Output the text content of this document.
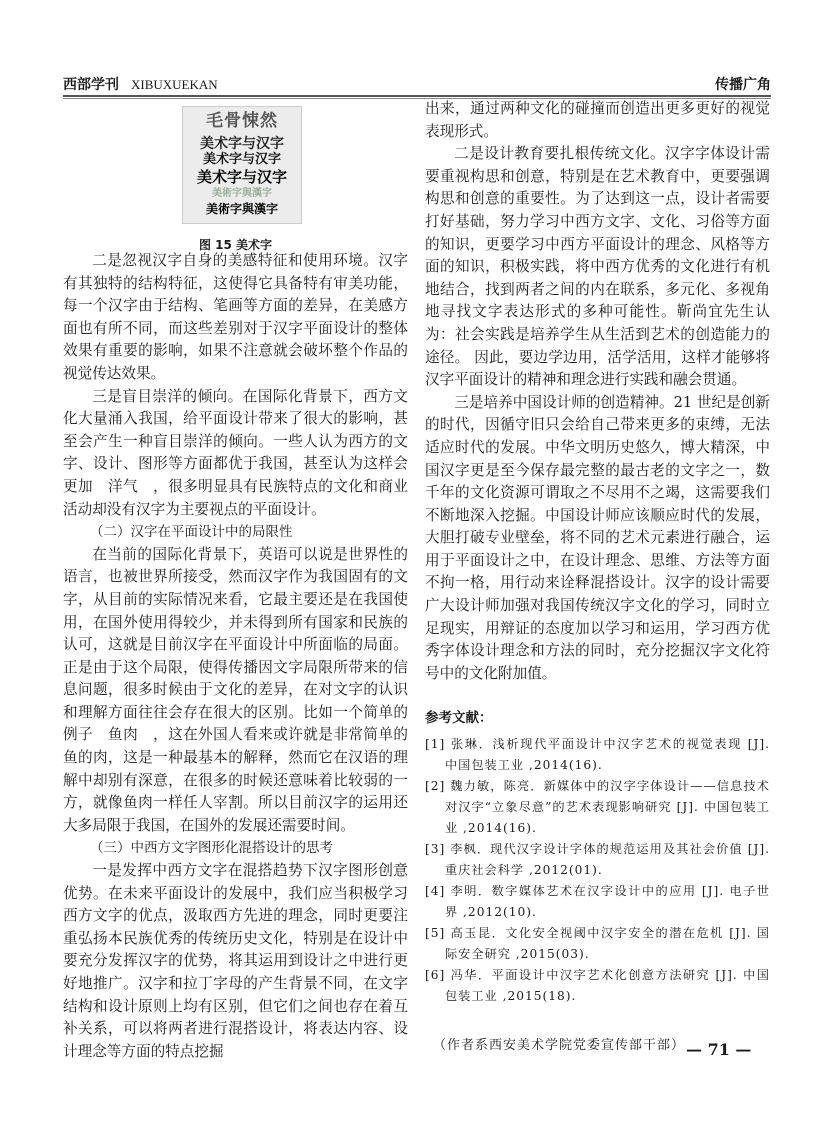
西部学刊 XIBUXUEKAN	传播广角
毛骨悚然
美术字与汉字
美术字与汉字
美术字与汉字
美術字與漢字
美術字與漢字
图 15 美术字

二是忽视汉字自身的美感特征和使用环境。汉字有其独特的结构特征，这使得它具备特有审美功能，每一个汉字由于结构、笔画等方面的差异，在美感方面也有所不同，而这些差别对于汉字平面设计的整体效果有重要的影响，如果不注意就会破坏整个作品的视觉传达效果。

三是盲目崇洋的倾向。在国际化背景下，西方文化大量涌入我国，给平面设计带来了很大的影响，甚至会产生一种盲目崇洋的倾向。一些人认为西方的文字、设计、图形等方面都优于我国，甚至认为这样会更加　洋气　，很多明显具有民族特点的文化和商业活动却没有汉字为主要视点的平面设计。

（二）汉字在平面设计中的局限性

在当前的国际化背景下，英语可以说是世界性的语言，也被世界所接受，然而汉字作为我国固有的文字，从目前的实际情况来看，它最主要还是在我国使用，在国外使用得较少，并未得到所有国家和民族的认可，这就是目前汉字在平面设计中所面临的局面。正是由于这个局限，使得传播因文字局限所带来的信息问题，很多时候由于文化的差异，在对文字的认识和理解方面往往会存在很大的区别。比如一个简单的例子　鱼肉　，这在外国人看来或许就是非常简单的鱼的肉，这是一种最基本的解释，然而它在汉语的理解中却别有深意，在很多的时候还意味着比较弱的一方，就像鱼肉一样任人宰割。所以目前汉字的运用还大多局限于我国，在国外的发展还需要时间。

（三）中西方文字图形化混搭设计的思考

一是发挥中西方文字在混搭趋势下汉字图形创意优势。在未来平面设计的发展中，我们应当积极学习西方文字的优点，汲取西方先进的理念，同时更要注重弘扬本民族优秀的传统历史文化，特别是在设计中要充分发挥汉字的优势，将其运用到设计之中进行更好地推广。汉字和拉丁字母的产生背景不同，在文字结构和设计原则上均有区别，但它们之间也存在着互补关系，可以将两者进行混搭设计，将表达内容、设计理念等方面的特点挖掘

出来，通过两种文化的碰撞而创造出更多更好的视觉表现形式。

二是设计教育要扎根传统文化。汉字字体设计需要重视构思和创意，特别是在艺术教育中，更要强调构思和创意的重要性。为了达到这一点，设计者需要打好基础，努力学习中西方文字、文化、习俗等方面的知识，更要学习中西方平面设计的理念、风格等方面的知识，积极实践，将中西方优秀的文化进行有机地结合，找到两者之间的内在联系，多元化、多视角地寻找文字表达形式的多种可能性。靳尚宜先生认为：社会实践是培养学生从生活到艺术的创造能力的途径。 因此，要边学边用，活学活用，这样才能够将汉字平面设计的精神和理念进行实践和融会贯通。

三是培养中国设计师的创造精神。21 世纪是创新的时代，因循守旧只会给自己带来更多的束缚，无法适应时代的发展。中华文明历史悠久，博大精深，中国汉字更是至今保存最完整的最古老的文字之一，数千年的文化资源可谓取之不尽用不之竭，这需要我们不断地深入挖掘。中国设计师应该顺应时代的发展，大胆打破专业壁垒，将不同的艺术元素进行融合，运用于平面设计之中，在设计理念、思维、方法等方面不拘一格，用行动来诠释混搭设计。汉字的设计需要广大设计师加强对我国传统汉字文化的学习，同时立足现实，用辩证的态度加以学习和运用，学习西方优秀字体设计理念和方法的同时，充分挖掘汉字文化符号中的文化附加值。

参考文献：
[1] 张琳．浅析现代平面设计中汉字艺术的视觉表现 [J]. 中国包装工业 ,2014(16).
[2] 魏力敏，陈亮．新媒体中的汉字字体设计——信息技术对汉字“立象尽意”的艺术表现影响研究 [J]. 中国包装工业 ,2014(16).
[3] 李枫．现代汉字设计字体的规范运用及其社会价值 [J]. 重庆社会科学 ,2012(01).
[4] 李明．数字媒体艺术在汉字设计中的应用 [J]. 电子世界 ,2012(10).
[5] 高玉昆．文化安全视阈中汉字安全的潜在危机 [J]. 国际安全研究 ,2015(03).
[6] 冯华．平面设计中汉字艺术化创意方法研究 [J]. 中国包装工业 ,2015(18).
（作者系西安美术学院党委宣传部干部） — 71 —
